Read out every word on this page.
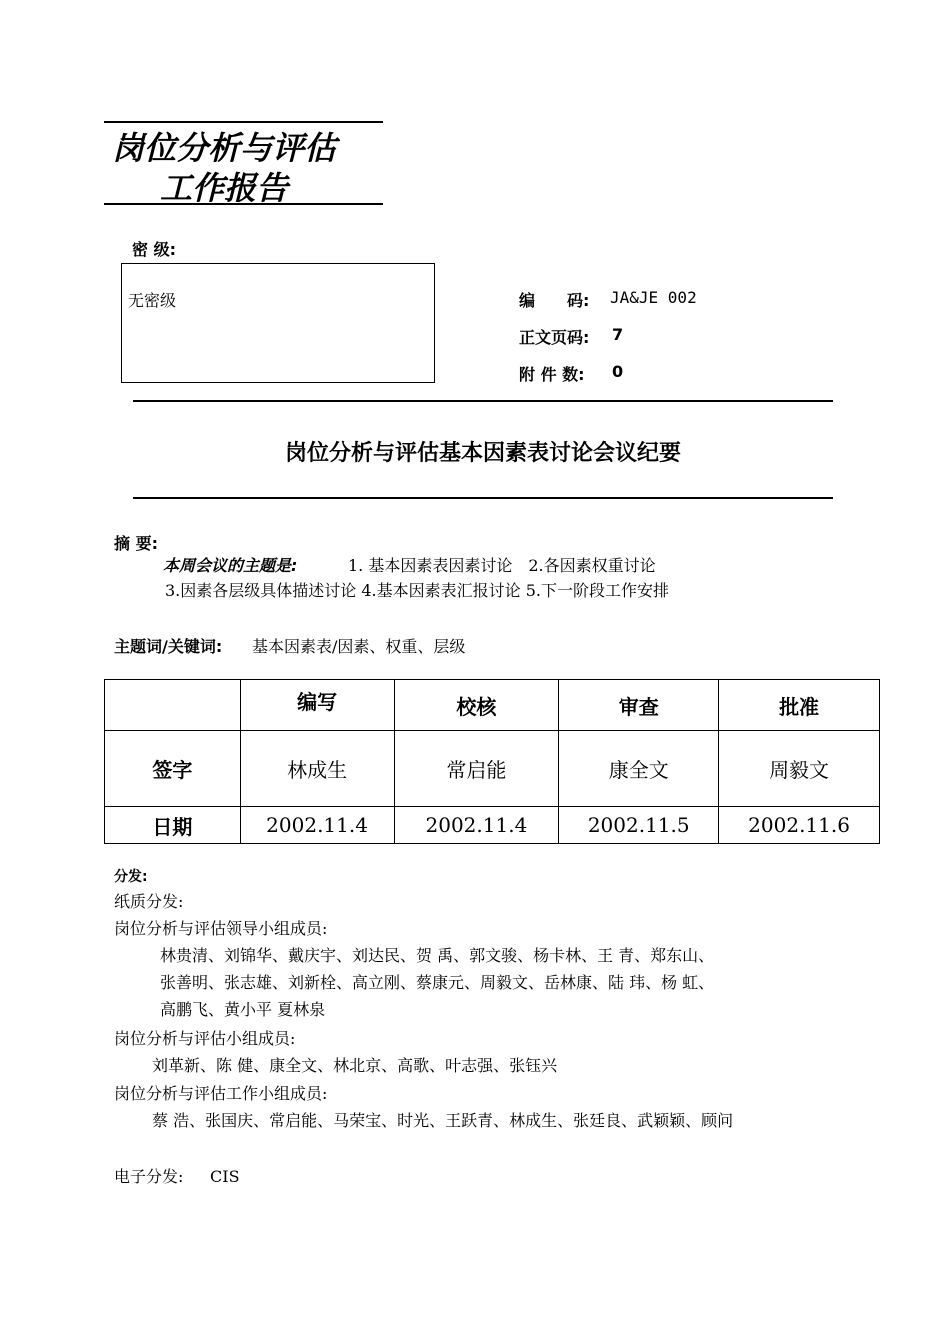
岗位分析与评估
工作报告
密 级:
无密级	编　　码: JA&JE 002
正文页码: 7
附 件 数: 0
岗位分析与评估基本因素表讨论会议纪要
摘 要:
本周会议的主题是:	1. 基本因素表因素讨论　2.各因素权重讨论
3.因素各层级具体描述讨论 4.基本因素表汇报讨论 5.下一阶段工作安排
主题词/关键词: 基本因素表/因素、权重、层级
	编写	校核	审查	批准
签字	林成生	常启能	康全文	周毅文
日期	2002.11.4	2002.11.4	2002.11.5	2002.11.6
分发:
纸质分发:
岗位分析与评估领导小组成员:
林贵清、刘锦华、戴庆宇、刘达民、贺 禹、郭文骏、杨卡林、王 青、郑东山、
张善明、张志雄、刘新栓、高立刚、蔡康元、周毅文、岳林康、陆 玮、杨 虹、
高鹏飞、黄小平 夏林泉
岗位分析与评估小组成员:
刘革新、陈 健、康全文、林北京、高歌、叶志强、张钰兴
岗位分析与评估工作小组成员:
蔡 浩、张国庆、常启能、马荣宝、时光、王跃青、林成生、张廷良、武颖颖、顾问
电子分发: CIS
